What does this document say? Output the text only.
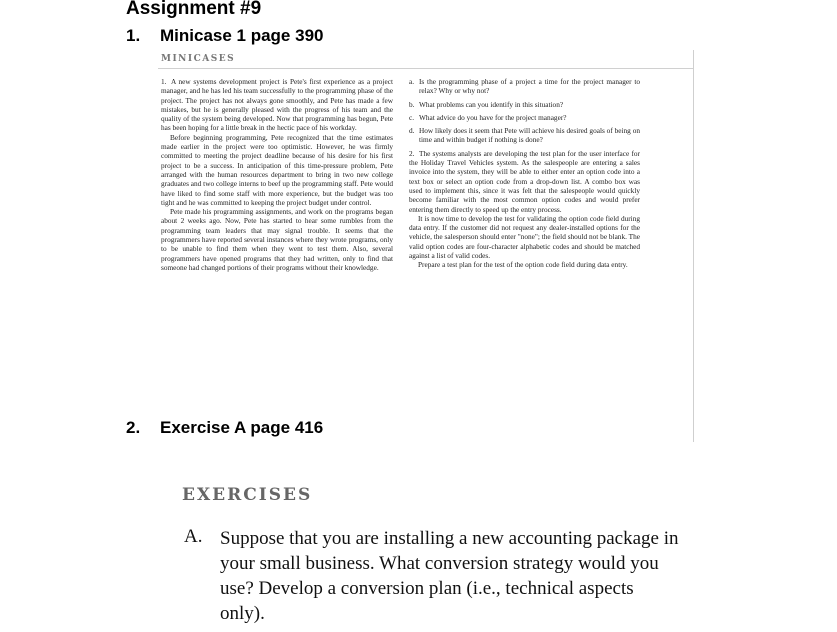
Assignment #9
1. Minicase 1 page 390
MINICASES

1. A new systems development project is Pete's first experience as a project manager, and he has led his team successfully to the programming phase of the project. The project has not always gone smoothly, and Pete has made a few mistakes, but he is generally pleased with the progress of his team and the quality of the system being developed. Now that programming has begun, Pete has been hoping for a little break in the hectic pace of his workday.

Before beginning programming, Pete recognized that the time estimates made earlier in the project were too optimistic. However, he was firmly committed to meeting the project deadline because of his desire for his first project to be a success. In anticipation of this time-pressure problem, Pete arranged with the human resources department to bring in two new college graduates and two college interns to beef up the programming staff. Pete would have liked to find some staff with more experience, but the budget was too tight and he was committed to keeping the project budget under control.

Pete made his programming assignments, and work on the programs began about 2 weeks ago. Now, Pete has started to hear some rumbles from the programming team leaders that may signal trouble. It seems that the programmers have reported several instances where they wrote programs, only to be unable to find them when they went to test them. Also, several programmers have opened programs that they had written, only to find that someone had changed portions of their programs without their knowledge.

a. Is the programming phase of a project a time for the project manager to relax? Why or why not?

b. What problems can you identify in this situation?

c. What advice do you have for the project manager?

d. How likely does it seem that Pete will achieve his desired goals of being on time and within budget if nothing is done?

2. The systems analysts are developing the test plan for the user interface for the Holiday Travel Vehicles system. As the salespeople are entering a sales invoice into the system, they will be able to either enter an option code into a text box or select an option code from a drop-down list. A combo box was used to implement this, since it was felt that the salespeople would quickly become familiar with the most common option codes and would prefer entering them directly to speed up the entry process.

It is now time to develop the test for validating the option code field during data entry. If the customer did not request any dealer-installed options for the vehicle, the salesperson should enter "none"; the field should not be blank. The valid option codes are four-character alphabetic codes and should be matched against a list of valid codes.

Prepare a test plan for the test of the option code field during data entry.

2. Exercise A page 416
EXERCISES
A. Suppose that you are installing a new accounting package in your small business. What conversion strategy would you use? Develop a conversion plan (i.e., technical aspects only).
